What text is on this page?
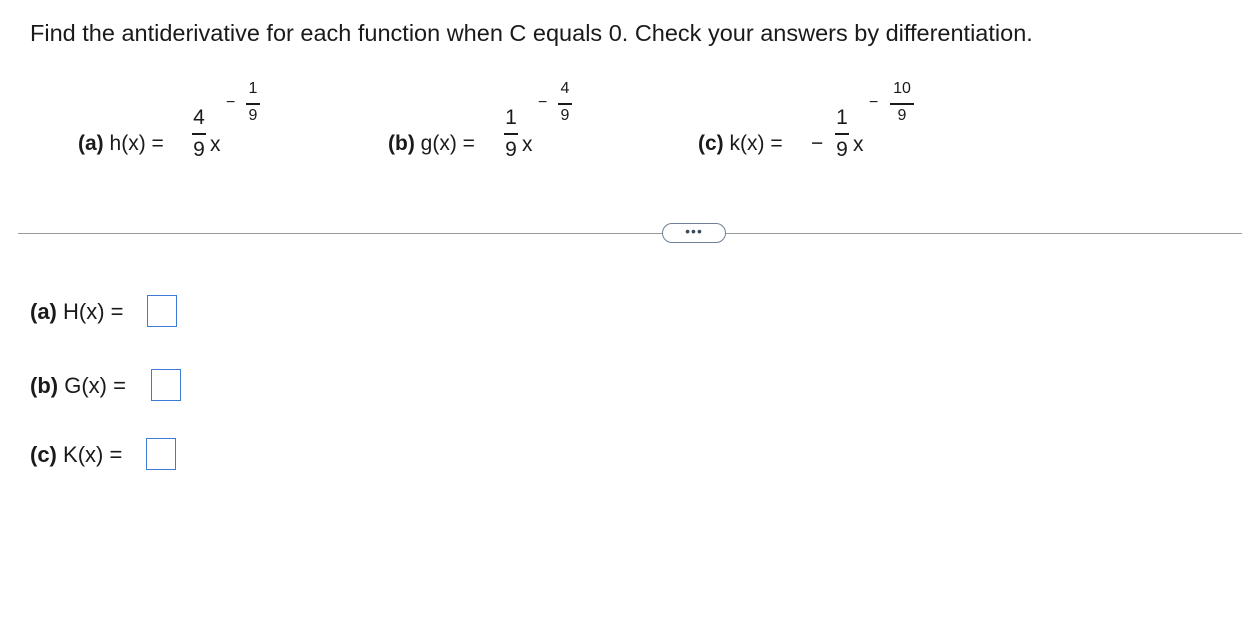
Find the antiderivative for each function when C equals 0. Check your answers by differentiation.
(a) h(x) =
4
9 x
−
1
9
(b) g(x) =
1
9 x
−
4
9
(c) k(x) = −
1
9 x
−
10
9
•••
(a) H(x) =
(b) G(x) =
(c) K(x) =
